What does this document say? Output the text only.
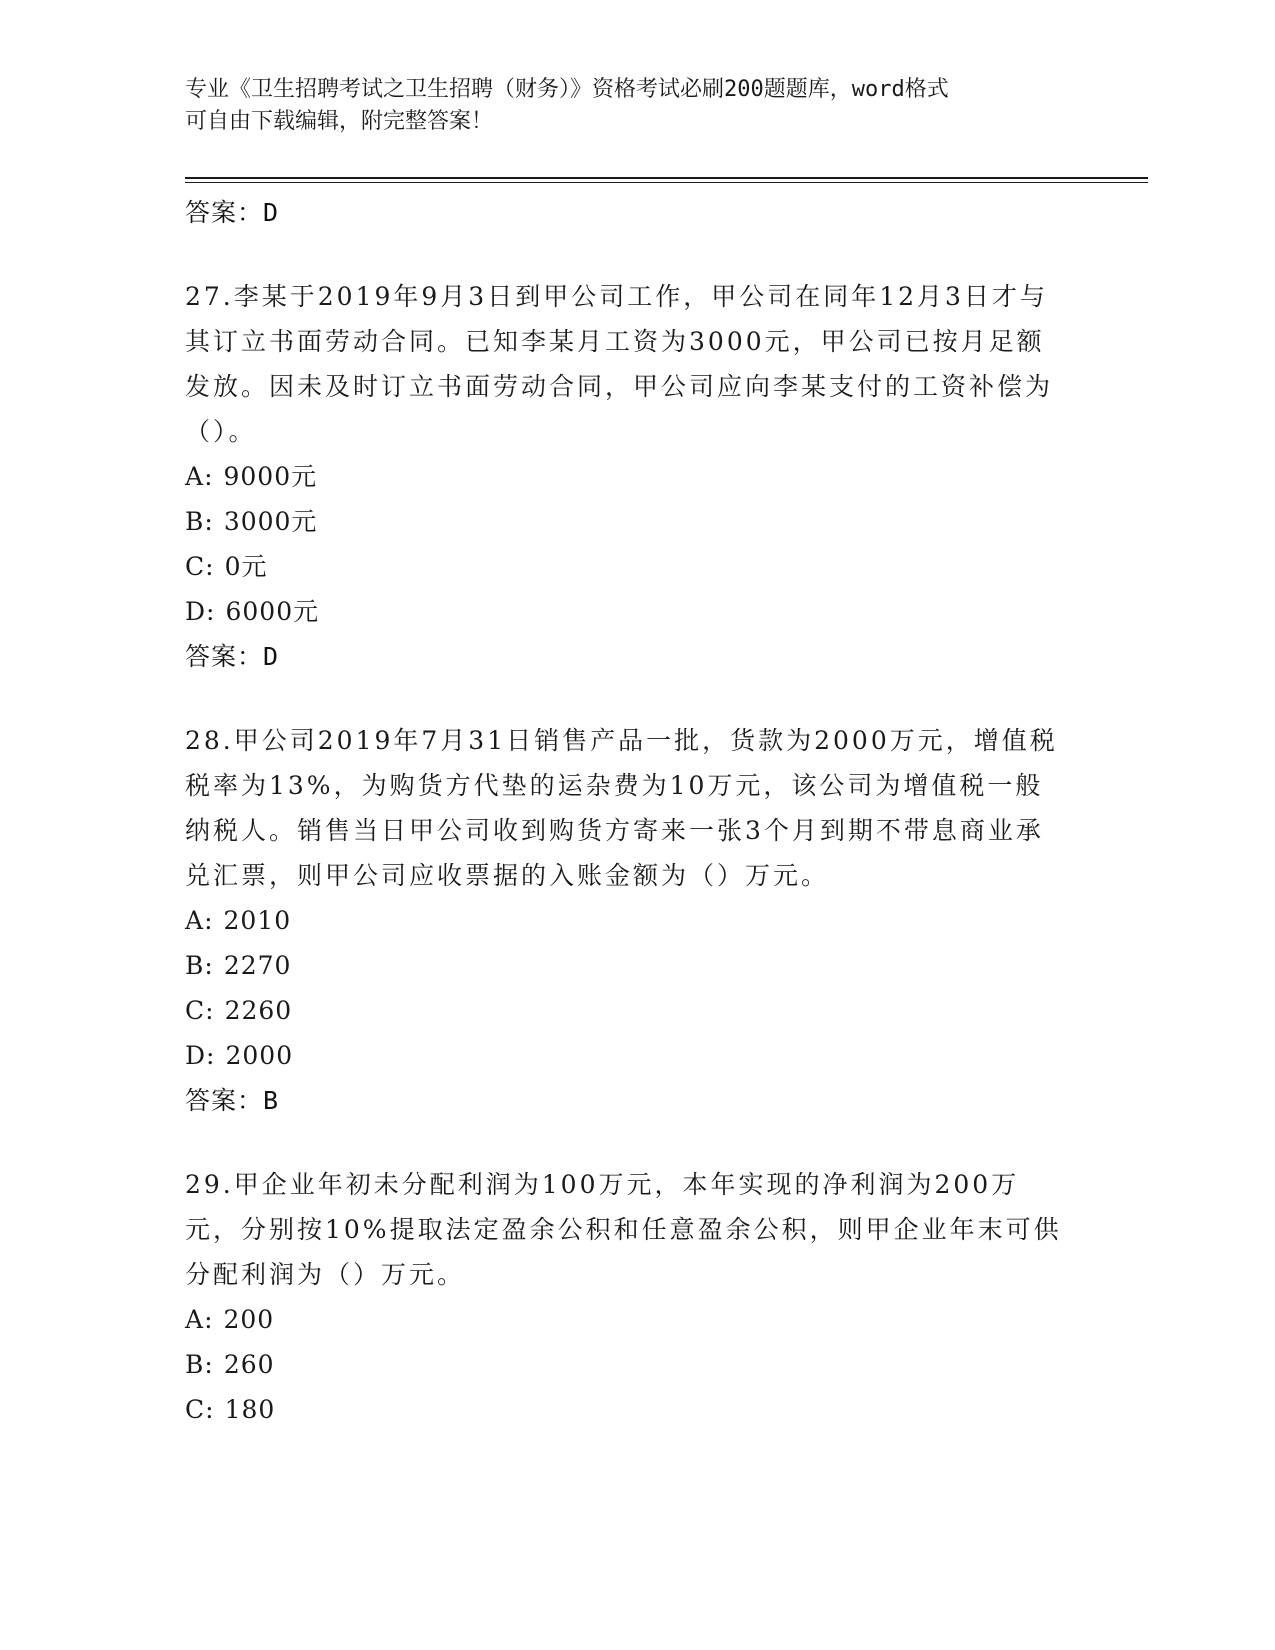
专业《卫生招聘考试之卫生招聘（财务）》资格考试必刷200题题库，word格式
可自由下载编辑，附完整答案！
答案：D
27.李某于2019年9月3日到甲公司工作，甲公司在同年12月3日才与其订立书面劳动合同。已知李某月工资为3000元，甲公司已按月足额发放。因未及时订立书面劳动合同，甲公司应向李某支付的工资补偿为（）。
A: 9000元
B: 3000元
C: 0元
D: 6000元
答案：D
28.甲公司2019年7月31日销售产品一批，货款为2000万元，增值税税率为13%，为购货方代垫的运杂费为10万元，该公司为增值税一般纳税人。销售当日甲公司收到购货方寄来一张3个月到期不带息商业承兑汇票，则甲公司应收票据的入账金额为（）万元。
A: 2010
B: 2270
C: 2260
D: 2000
答案：B
29.甲企业年初未分配利润为100万元，本年实现的净利润为200万元，分别按10%提取法定盈余公积和任意盈余公积，则甲企业年末可供分配利润为（）万元。
A: 200
B: 260
C: 180
